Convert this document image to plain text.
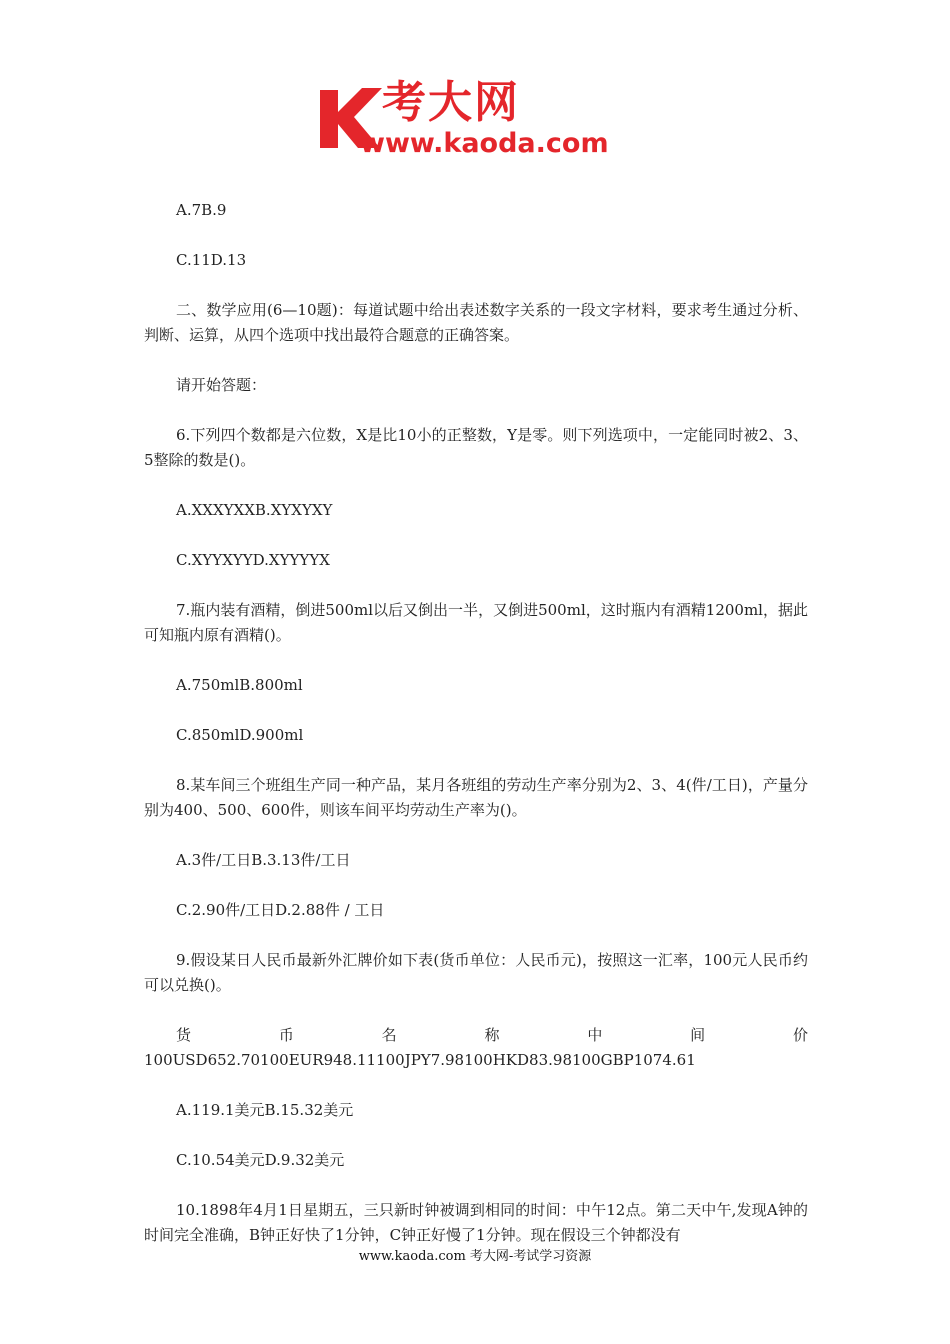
考大网
www.kaoda.com

A.7B.9

C.11D.13

二、数学应用(6—10题)：每道试题中给出表述数字关系的一段文字材料，要求考生通过分析、判断、运算，从四个选项中找出最符合题意的正确答案。

请开始答题：

6.下列四个数都是六位数，X是比10小的正整数，Y是零。则下列选项中，一定能同时被2、3、5整除的数是()。

A.XXXYXXB.XYXYXY

C.XYYXYYD.XYYYYX

7.瓶内装有酒精，倒进500ml以后又倒出一半，又倒进500ml，这时瓶内有酒精1200ml，据此可知瓶内原有酒精()。

A.750mlB.800ml

C.850mlD.900ml

8.某车间三个班组生产同一种产品，某月各班组的劳动生产率分别为2、3、4(件/工日)，产量分别为400、500、600件，则该车间平均劳动生产率为()。

A.3件/工日B.3.13件/工日

C.2.90件/工日D.2.88件 / 工日

9.假设某日人民币最新外汇牌价如下表(货币单位：人民币元)，按照这一汇率，100元人民币约可以兑换()。

货币名称中间价100USD652.70100EUR948.11100JPY7.98100HKD83.98100GBP1074.61

A.119.1美元B.15.32美元

C.10.54美元D.9.32美元

10.1898年4月1日星期五，三只新时钟被调到相同的时间：中午12点。第二天中午,发现A钟的时间完全准确，B钟正好快了1分钟，C钟正好慢了1分钟。现在假设三个钟都没有

www.kaoda.com 考大网-考试学习资源
